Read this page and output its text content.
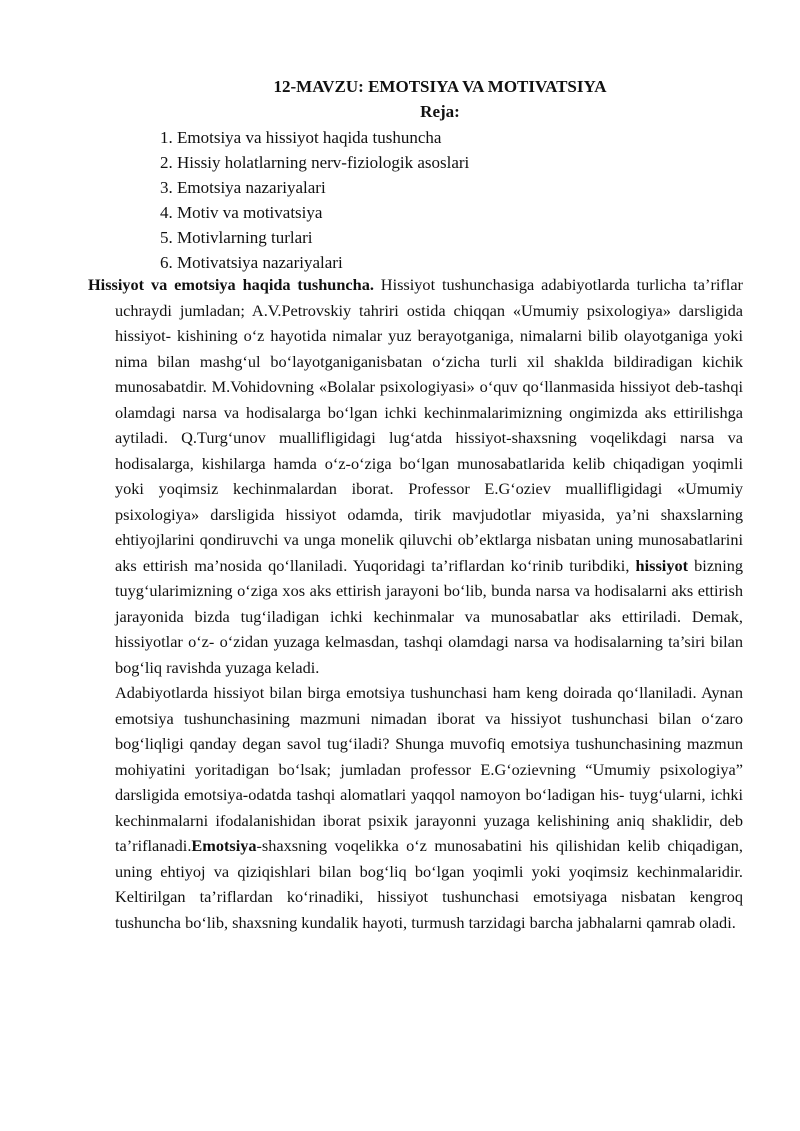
12-MAVZU: EMOTSIYA VA MOTIVATSIYA
Reja:
1. Emotsiya va hissiyot haqida tushuncha
2. Hissiy holatlarning nerv-fiziologik asoslari
3. Emotsiya nazariyalari
4. Motiv va motivatsiya
5. Motivlarning turlari
6. Motivatsiya nazariyalari

Hissiyot va emotsiya haqida tushuncha. Hissiyot tushunchasiga adabiyotlarda turlicha ta’riflar uchraydi jumladan; A.V.Petrovskiy tahriri ostida chiqqan «Umumiy psixologiya» darsligida hissiyot- kishining o‘z hayotida nimalar yuz berayotganiga, nimalarni bilib olayotganiga yoki nima bilan mashg‘ul bo‘layotganiganisbatan o‘zicha turli xil shaklda bildiradigan kichik munosabatdir. M.Vohidovning «Bolalar psixologiyasi» o‘quv qo‘llanmasida hissiyot deb-tashqi olamdagi narsa va hodisalarga bo‘lgan ichki kechinmalarimizning ongimizda aks ettirilishga aytiladi. Q.Turg‘unov muallifligidagi lug‘atda hissiyot-shaxsning voqelikdagi narsa va hodisalarga, kishilarga hamda o‘z-o‘ziga bo‘lgan munosabatlarida kelib chiqadigan yoqimli yoki yoqimsiz kechinmalardan iborat. Professor E.G‘oziev muallifligidagi «Umumiy psixologiya» darsligida hissiyot odamda, tirik mavjudotlar miyasida, ya’ni shaxslarning ehtiyojlarini qondiruvchi va unga monelik qiluvchi ob’ektlarga nisbatan uning munosabatlarini aks ettirish ma’nosida qo‘llaniladi. Yuqoridagi ta’riflardan ko‘rinib turibdiki, hissiyot bizning tuyg‘ularimizning o‘ziga xos aks ettirish jarayoni bo‘lib, bunda narsa va hodisalarni aks ettirish jarayonida bizda tug‘iladigan ichki kechinmalar va munosabatlar aks ettiriladi. Demak, hissiyotlar o‘z- o‘zidan yuzaga kelmasdan, tashqi olamdagi narsa va hodisalarning ta’siri bilan bog‘liq ravishda yuzaga keladi.

Adabiyotlarda hissiyot bilan birga emotsiya tushunchasi ham keng doirada qo‘llaniladi. Aynan emotsiya tushunchasining mazmuni nimadan iborat va hissiyot tushunchasi bilan o‘zaro bog‘liqligi qanday degan savol tug‘iladi? Shunga muvofiq emotsiya tushunchasining mazmun mohiyatini yoritadigan bo‘lsak; jumladan professor E.G‘ozievning “Umumiy psixologiya” darsligida emotsiya-odatda tashqi alomatlari yaqqol namoyon bo‘ladigan his- tuyg‘ularni, ichki kechinmalarni ifodalanishidan iborat psixik jarayonni yuzaga kelishining aniq shaklidir, deb ta’riflanadi.Emotsiya-shaxsning voqelikka o‘z munosabatini his qilishidan kelib chiqadigan, uning ehtiyoj va qiziqishlari bilan bog‘liq bo‘lgan yoqimli yoki yoqimsiz kechinmalaridir. Keltirilgan ta’riflardan ko‘rinadiki, hissiyot tushunchasi emotsiyaga nisbatan kengroq tushuncha bo‘lib, shaxsning kundalik hayoti, turmush tarzidagi barcha jabhalarni qamrab oladi.
